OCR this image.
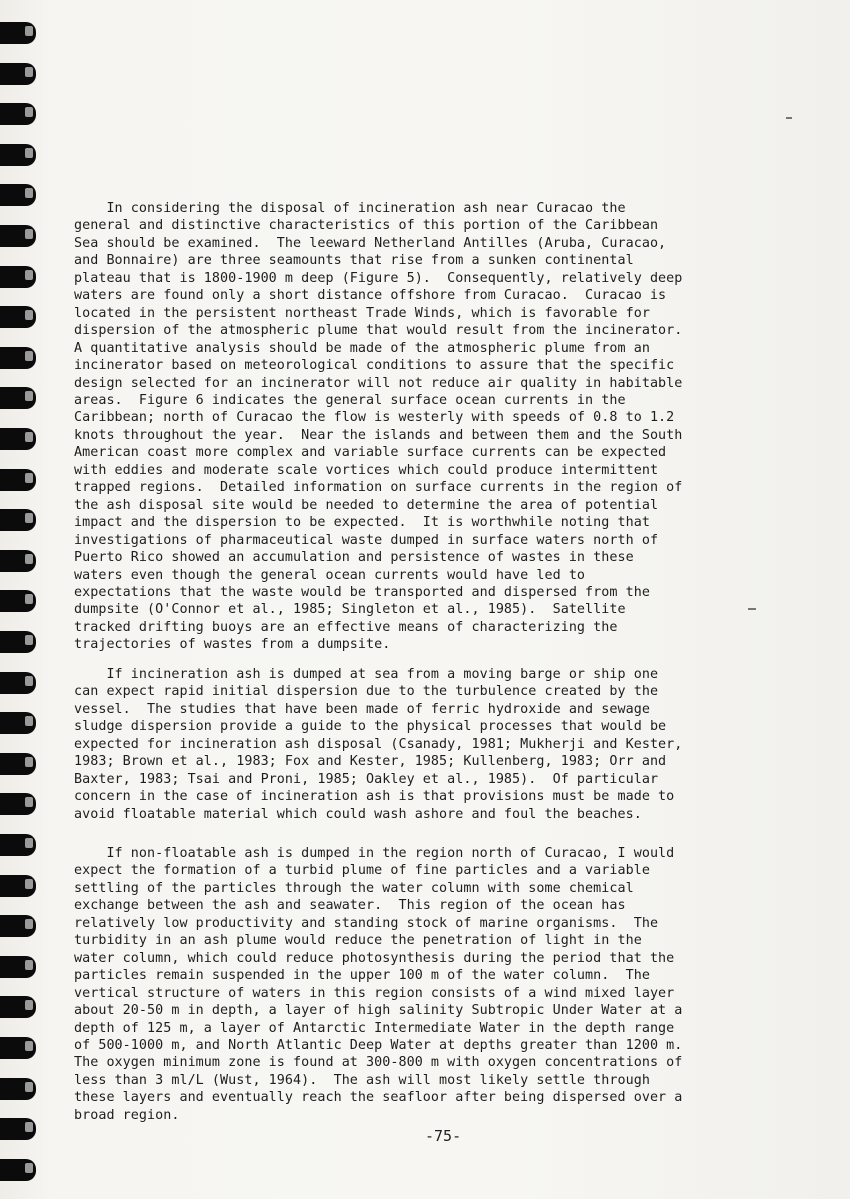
In considering the disposal of incineration ash near Curacao the
general and distinctive characteristics of this portion of the Caribbean
Sea should be examined.  The leeward Netherland Antilles (Aruba, Curacao,
and Bonnaire) are three seamounts that rise from a sunken continental
plateau that is 1800-1900 m deep (Figure 5).  Consequently, relatively deep
waters are found only a short distance offshore from Curacao.  Curacao is
located in the persistent northeast Trade Winds, which is favorable for
dispersion of the atmospheric plume that would result from the incinerator.
A quantitative analysis should be made of the atmospheric plume from an
incinerator based on meteorological conditions to assure that the specific
design selected for an incinerator will not reduce air quality in habitable
areas.  Figure 6 indicates the general surface ocean currents in the
Caribbean; north of Curacao the flow is westerly with speeds of 0.8 to 1.2
knots throughout the year.  Near the islands and between them and the South
American coast more complex and variable surface currents can be expected
with eddies and moderate scale vortices which could produce intermittent
trapped regions.  Detailed information on surface currents in the region of
the ash disposal site would be needed to determine the area of potential
impact and the dispersion to be expected.  It is worthwhile noting that
investigations of pharmaceutical waste dumped in surface waters north of
Puerto Rico showed an accumulation and persistence of wastes in these
waters even though the general ocean currents would have led to
expectations that the waste would be transported and dispersed from the
dumpsite (O'Connor et al., 1985; Singleton et al., 1985).  Satellite
tracked drifting buoys are an effective means of characterizing the
trajectories of wastes from a dumpsite.

If incineration ash is dumped at sea from a moving barge or ship one
can expect rapid initial dispersion due to the turbulence created by the
vessel.  The studies that have been made of ferric hydroxide and sewage
sludge dispersion provide a guide to the physical processes that would be
expected for incineration ash disposal (Csanady, 1981; Mukherji and Kester,
1983; Brown et al., 1983; Fox and Kester, 1985; Kullenberg, 1983; Orr and
Baxter, 1983; Tsai and Proni, 1985; Oakley et al., 1985).  Of particular
concern in the case of incineration ash is that provisions must be made to
avoid floatable material which could wash ashore and foul the beaches.

If non-floatable ash is dumped in the region north of Curacao, I would
expect the formation of a turbid plume of fine particles and a variable
settling of the particles through the water column with some chemical
exchange between the ash and seawater.  This region of the ocean has
relatively low productivity and standing stock of marine organisms.  The
turbidity in an ash plume would reduce the penetration of light in the
water column, which could reduce photosynthesis during the period that the
particles remain suspended in the upper 100 m of the water column.  The
vertical structure of waters in this region consists of a wind mixed layer
about 20-50 m in depth, a layer of high salinity Subtropic Under Water at a
depth of 125 m, a layer of Antarctic Intermediate Water in the depth range
of 500-1000 m, and North Atlantic Deep Water at depths greater than 1200 m.
The oxygen minimum zone is found at 300-800 m with oxygen concentrations of
less than 3 ml/L (Wust, 1964).  The ash will most likely settle through
these layers and eventually reach the seafloor after being dispersed over a
broad region.

-75-
